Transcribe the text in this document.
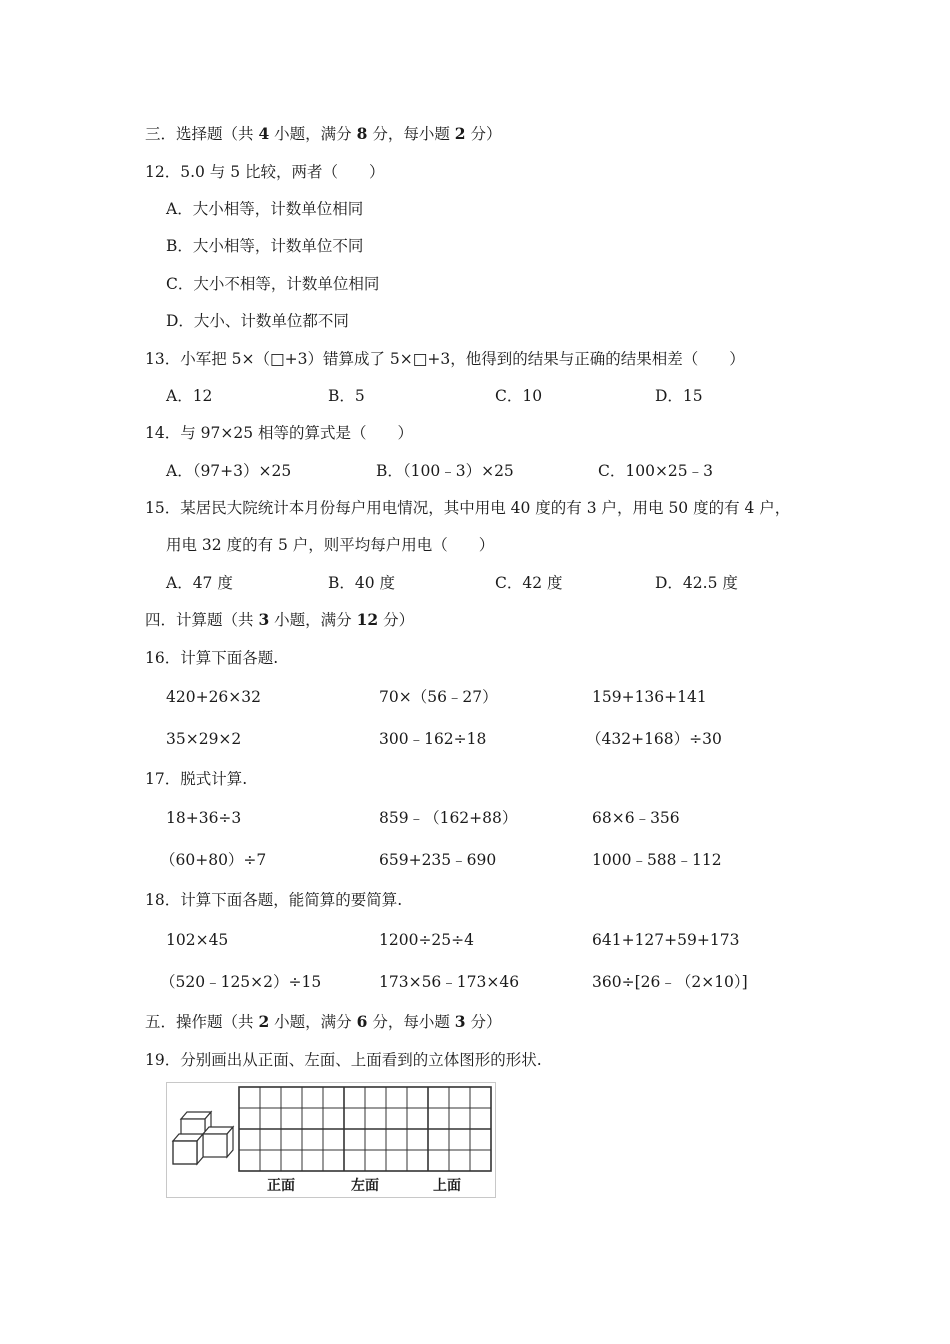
三．选择题（共 4 小题，满分 8 分，每小题 2 分）
12．5.0 与 5 比较，两者（　　）
A．大小相等，计数单位相同
B．大小相等，计数单位不同
C．大小不相等，计数单位相同
D．大小、计数单位都不同
13．小军把 5×（□+3）错算成了 5×□+3，他得到的结果与正确的结果相差（　　）
A．12	B．5	C．10	D．15
14．与 97×25 相等的算式是（　　）
A．（97+3）×25	B．（100﹣3）×25	C．100×25﹣3
15．某居民大院统计本月份每户用电情况，其中用电 40 度的有 3 户，用电 50 度的有 4 户，
用电 32 度的有 5 户，则平均每户用电（　　）
A．47 度	B．40 度	C．42 度	D．42.5 度
四．计算题（共 3 小题，满分 12 分）
16．计算下面各题.
420+26×32	70×（56﹣27）	159+136+141
35×29×2	300﹣162÷18	（432+168）÷30
17．脱式计算.
18+36÷3	859﹣（162+88）	68×6﹣356
（60+80）÷7	659+235﹣690	1000﹣588﹣112
18．计算下面各题，能简算的要简算.
102×45	1200÷25÷4	641+127+59+173
（520﹣125×2）÷15	173×56﹣173×46	360÷[26﹣（2×10）]
五．操作题（共 2 小题，满分 6 分，每小题 3 分）
19．分别画出从正面、左面、上面看到的立体图形的形状.
正面	左面	上面
